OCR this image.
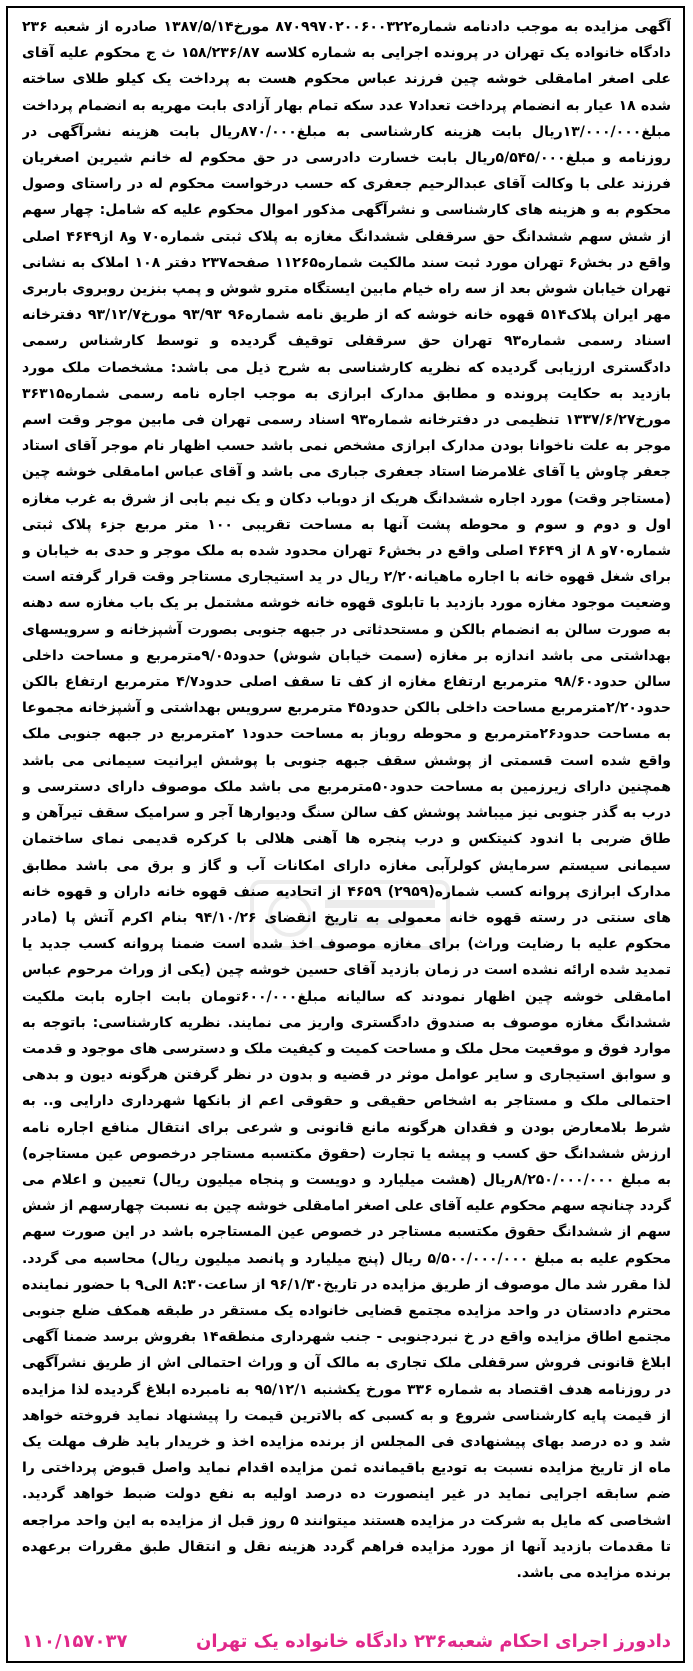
آگهی مزایده به موجب دادنامه شماره۸۷۰۹۹۷۰۲۰۰۶۰۰۳۲۲ مورخ۱۳۸۷/۵/۱۴ صادره از شعبه ۲۳۶ دادگاه خانواده یک تهران در پرونده اجرایی به شماره کلاسه ۱۵۸/۲۳۶/۸۷ ث ج محکوم علیه آقای علی اصغر امامقلی خوشه چین فرزند عباس محکوم هست به پرداخت یک کیلو طلای ساخته شده ۱۸ عیار به انضمام پرداخت تعداد۷ عدد سکه تمام بهار آزادی بابت مهریه به انضمام پرداخت مبلغ۱۳/۰۰۰/۰۰۰ریال بابت هزینه کارشناسی به مبلغ۸۷۰/۰۰۰ریال بابت هزینه نشرآگهی در روزنامه و مبلغ۵/۵۴۵/۰۰۰ریال بابت خسارت دادرسی در حق محکوم له خانم شیرین اصغریان فرزند علی با وکالت آقای عبدالرحیم جعفری که حسب درخواست محکوم له در راستای وصول محکوم به و هزینه های کارشناسی و نشرآگهی مذکور اموال محکوم علیه که شامل: چهار سهم از شش سهم ششدانگ حق سرقفلی ششدانگ مغازه به پلاک ثبتی شماره۷۰ و۸ از۴۶۴۹ اصلی واقع در بخش۶ تهران مورد ثبت سند مالکیت شماره۱۱۲۶۵ صفحه۲۳۷ دفتر ۱۰۸ املاک به نشانی تهران خیابان شوش بعد از سه راه خیام مابین ایستگاه مترو شوش و پمپ بنزین روبروی باربری مهر ایران پلاک۵۱۴ قهوه خانه خوشه که از طریق نامه شماره۹۶ ۹۳/۹۳ مورخ۹۳/۱۲/۷ دفترخانه اسناد رسمی شماره۹۳ تهران حق سرقفلی توقیف گردیده و توسط کارشناس رسمی دادگستری ارزیابی گردیده که نظریه کارشناسی به شرح ذیل می باشد: مشخصات ملک مورد بازدید به حکایت پرونده و مطابق مدارک ابرازی به موجب اجاره نامه رسمی شماره۳۶۳۱۵ مورخ۱۳۳۷/۶/۲۷ تنظیمی در دفترخانه شماره۹۳ اسناد رسمی تهران فی مابین موجر وقت اسم موجر به علت ناخوانا بودن مدارک ابرازی مشخص نمی باشد حسب اظهار نام موجر آقای استاد جعفر چاوش یا آقای غلامرضا استاد جعفری جباری می باشد و آقای عباس امامقلی خوشه چین (مستاجر وقت) مورد اجاره ششدانگ هریک از دوباب دکان و یک نیم بابی از شرق به غرب مغازه اول و دوم و سوم و محوطه پشت آنها به مساحت تقریبی ۱۰۰ متر مربع جزء پلاک ثبتی شماره۷۰و ۸ از ۴۶۴۹ اصلی واقع در بخش۶ تهران محدود شده به ملک موجر و حدی به خیابان و برای شغل قهوه خانه با اجاره ماهیانه۲/۲۰ ریال در ید استیجاری مستاجر وقت قرار گرفته است وضعیت موجود مغازه مورد بازدید با تابلوی قهوه خانه خوشه مشتمل بر یک باب مغازه سه دهنه به صورت سالن به انضمام بالکن و مستحدثاتی در جبهه جنوبی بصورت آشپزخانه و سرویسهای بهداشتی می باشد اندازه بر مغازه (سمت خیابان شوش) حدود۹/۰۵مترمربع و مساحت داخلی سالن حدود۹۸/۶۰ مترمربع ارتفاع مغازه از کف تا سقف اصلی حدود۴/۷ مترمربع ارتفاع بالکن حدود۲/۲۰مترمربع مساحت داخلی بالکن حدود۴۵ مترمربع سرویس بهداشتی و آشپزخانه مجموعا به مساحت حدود۲۶مترمربع و محوطه روباز به مساحت حدود۱ ۲مترمربع در جبهه جنوبی ملک واقع شده است قسمتی از پوشش سقف جبهه جنوبی با پوشش ایرانیت سیمانی می باشد همچنین دارای زیرزمین به مساحت حدود۵۰مترمربع می باشد ملک موصوف دارای دسترسی و درب به گذر جنوبی نیز میباشد پوشش کف سالن سنگ ودیوارها آجر و سرامیک سقف تیرآهن و طاق ضربی با اندود کنیتکس و درب پنجره ها آهنی هلالی با کرکره قدیمی نمای ساختمان سیمانی سیستم سرمایش کولرآبی مغازه دارای امکانات آب و گاز و برق می باشد مطابق مدارک ابرازی پروانه کسب شماره(۲۹۵۹) ۴۶۵۹ از اتحادیه صنف قهوه خانه داران و قهوه خانه های سنتی در رسته قهوه خانه معمولی به تاریخ انقضای ۹۴/۱۰/۲۶ بنام اکرم آتش پا (مادر محکوم علیه با رضایت وراث) برای مغازه موصوف اخذ شده است ضمنا پروانه کسب جدید یا تمدید شده ارائه نشده است در زمان بازدید آقای حسین خوشه چین (یکی از وراث مرحوم عباس امامقلی خوشه چین اظهار نمودند که سالیانه مبلغ۶۰۰/۰۰۰تومان بابت اجاره بابت ملکیت ششدانگ مغازه موصوف به صندوق دادگستری واریز می نمایند. نظریه کارشناسی: باتوجه به موارد فوق و موقعیت محل ملک و مساحت کمیت و کیفیت ملک و دسترسی های موجود و قدمت و سوابق استیجاری و سایر عوامل موثر در قضیه و بدون در نظر گرفتن هرگونه دیون و بدهی احتمالی ملک و مستاجر به اشخاص حقیقی و حقوقی اعم از بانکها شهرداری دارایی و.. به شرط بلامعارض بودن و فقدان هرگونه مانع قانونی و شرعی برای انتقال منافع اجاره نامه ارزش ششدانگ حق کسب و پیشه یا تجارت (حقوق مکتسبه مستاجر درخصوص عین مستاجره) به مبلغ ۸/۲۵۰/۰۰۰/۰۰۰ریال (هشت میلیارد و دویست و پنجاه میلیون ریال) تعیین و اعلام می گردد چنانچه سهم محکوم علیه آقای علی اصغر امامقلی خوشه چین به نسبت چهارسهم از شش سهم از ششدانگ حقوق مکتسبه مستاجر در خصوص عین المستاجره باشد در این صورت سهم محکوم علیه به مبلغ ۵/۵۰۰/۰۰۰/۰۰۰ ریال (پنج میلیارد و پانصد میلیون ریال) محاسبه می گردد. لذا مقرر شد مال موصوف از طریق مزایده در تاریخ۹۶/۱/۳۰ از ساعت۸:۳۰ الی۹ با حضور نماینده محترم دادستان در واحد مزایده مجتمع قضایی خانواده یک مستقر در طبقه همکف ضلع جنوبی مجتمع اطاق مزایده واقع در خ نبردجنوبی - جنب شهرداری منطقه۱۴ بفروش برسد ضمنا آگهی ابلاغ قانونی فروش سرقفلی ملک تجاری به مالک آن و وراث احتمالی اش از طریق نشرآگهی در روزنامه هدف اقتصاد به شماره ۳۳۶ مورخ یکشنبه ۹۵/۱۲/۱ به نامبرده ابلاغ گردیده لذا مزایده از قیمت پایه کارشناسی شروع و به کسبی که بالاترین قیمت را پیشنهاد نماید فروخته خواهد شد و ده درصد بهای پیشنهادی فی المجلس از برنده مزایده اخذ و خریدار باید ظرف مهلت یک ماه از تاریخ مزایده نسبت به تودیع باقیمانده ثمن مزایده اقدام نماید واصل قبوض پرداختی را ضم سابقه اجرایی نماید در غیر اینصورت ده درصد اولیه به نفع دولت ضبط خواهد گردید. اشخاصی که مایل به شرکت در مزایده هستند میتوانند ۵ روز قبل از مزایده به این واحد مراجعه تا مقدمات بازدید آنها از مورد مزایده فراهم گردد هزینه نقل و انتقال طبق مقررات برعهده برنده مزایده می باشد.

دادورز اجرای احکام شعبه۲۳۶ دادگاه خانواده یک تهران
۱۱۰/۱۵۷۰۳۷
